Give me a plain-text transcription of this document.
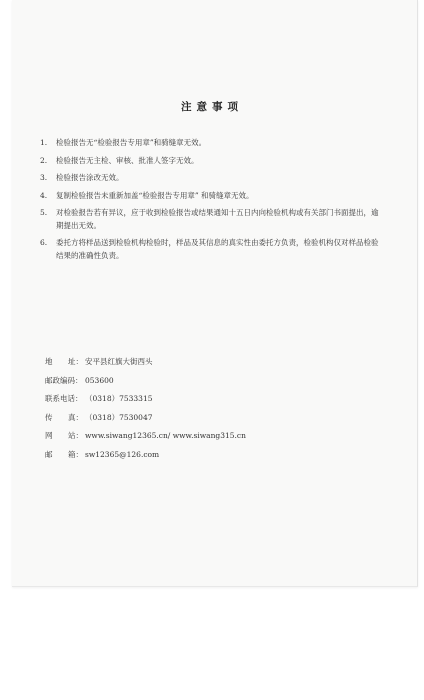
注意事项
1.	检验报告无“检验报告专用章”和骑缝章无效。
2.	检验报告无主检、审核、批准人签字无效。
3.	检验报告涂改无效。
4.	复制检验报告未重新加盖“检验报告专用章” 和骑缝章无效。
5.	对检验报告若有异议，应于收到检验报告或结果通知十五日内向检验机构或有关部门书面提出，逾期提出无效。
6.	委托方将样品送到检验机构检验时，样品及其信息的真实性由委托方负责，检验机构仅对样品检验结果的准确性负责。
地 址： 安平县红旗大街西头
邮政编码： 053600
联系电话： （0318）7533315
传 真： （0318）7530047
网 站： www.siwang12365.cn/ www.siwang315.cn
邮 箱： sw12365@126.com
